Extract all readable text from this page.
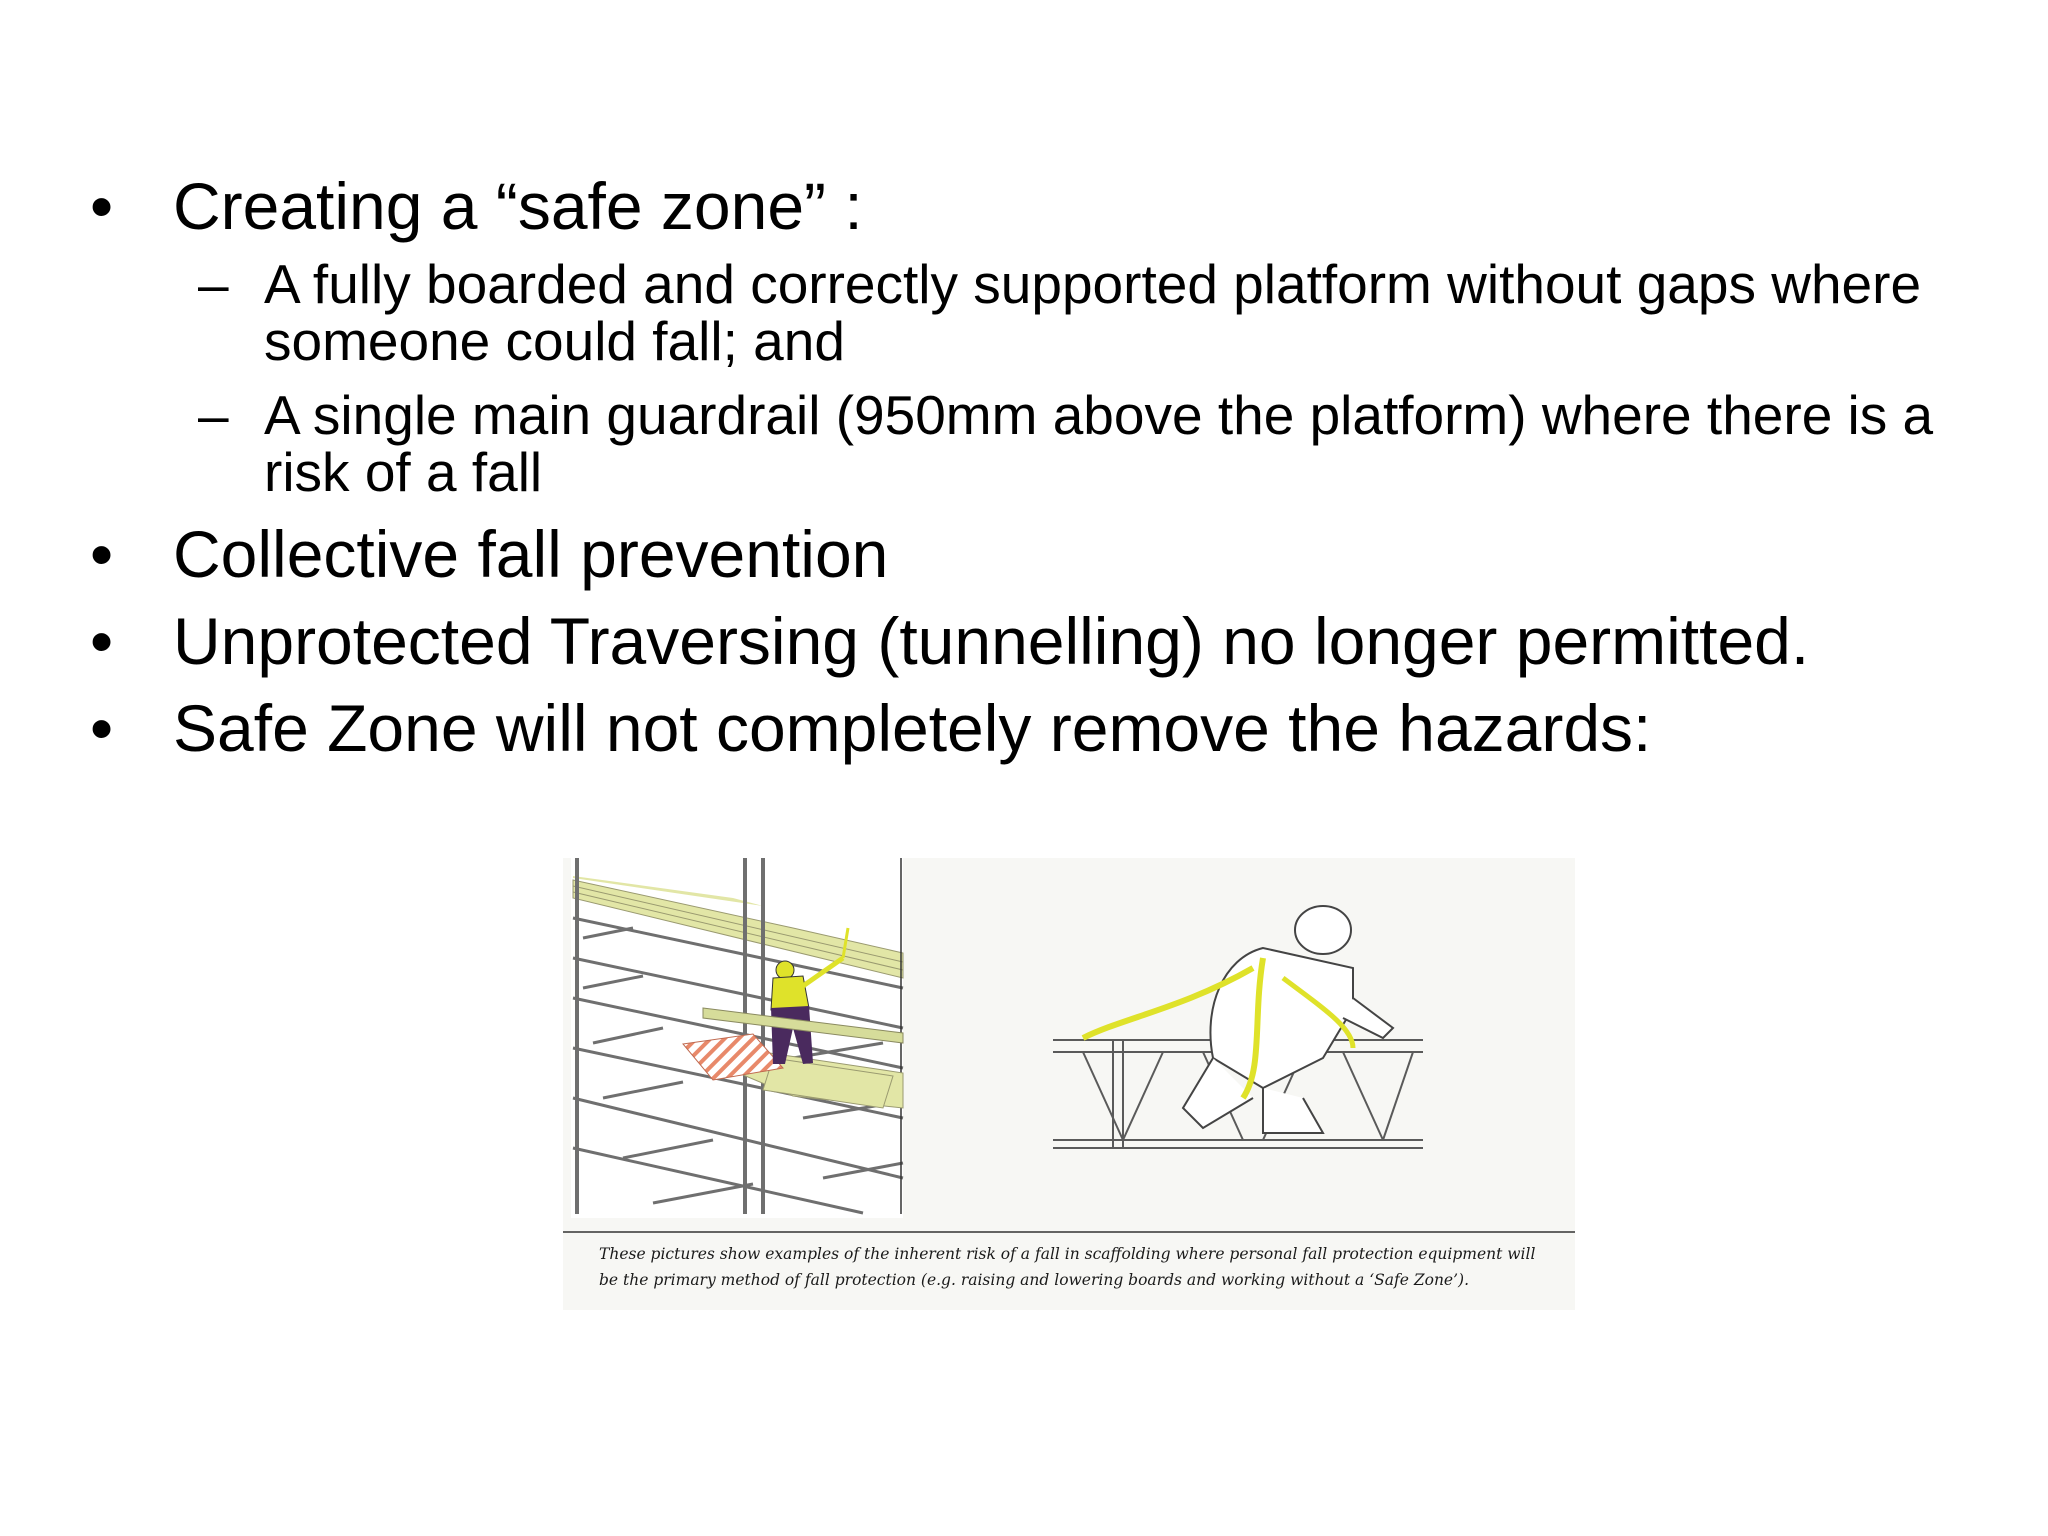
• Creating a “safe zone” :
– A fully boarded and correctly supported platform without gaps where someone could fall; and
– A single main guardrail (950mm above the platform) where there is a risk of a fall
• Collective fall prevention
• Unprotected Traversing (tunnelling) no longer permitted.
• Safe Zone will not completely remove the hazards:
These pictures show examples of the inherent risk of a fall in scaffolding where personal fall protection equipment will be the primary method of fall protection (e.g. raising and lowering boards and working without a ‘Safe Zone’).
